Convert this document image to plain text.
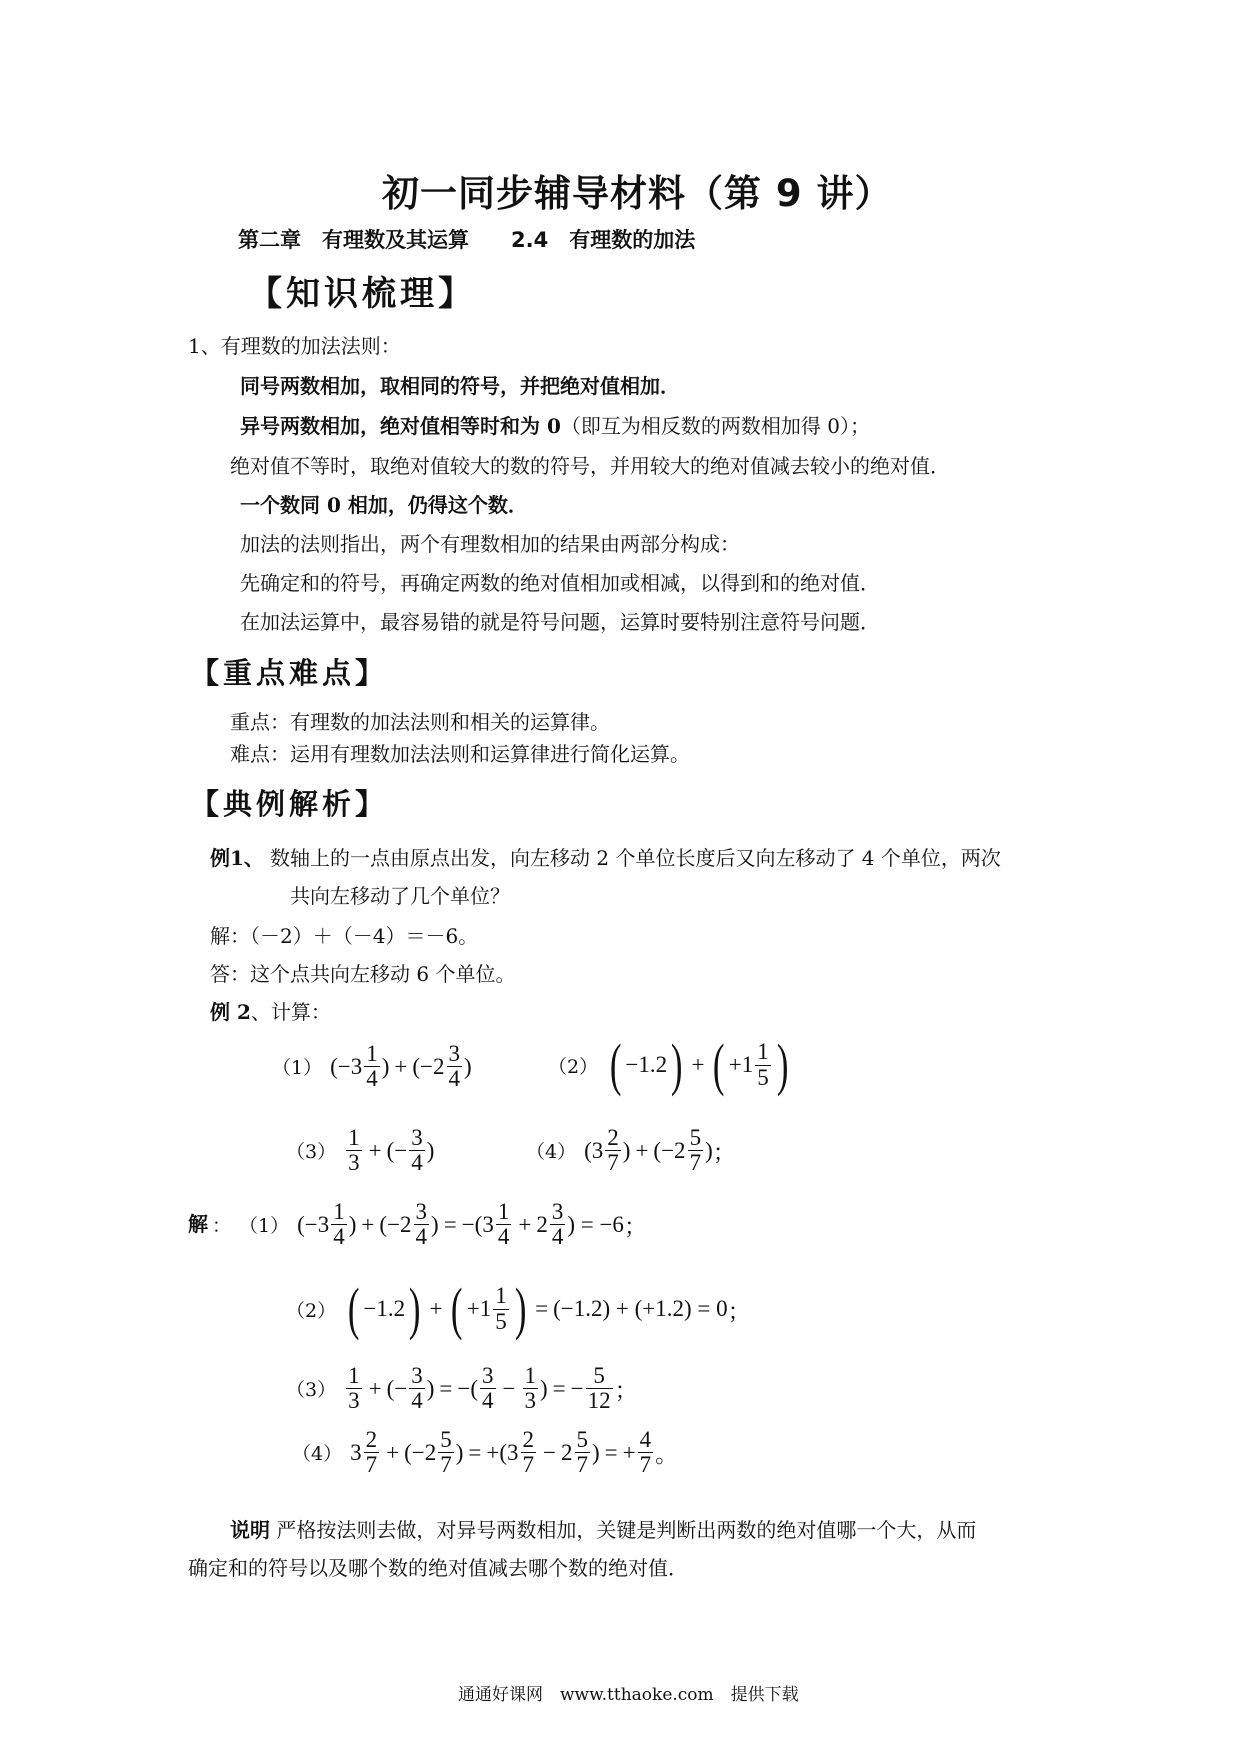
初一同步辅导材料（第 9 讲）
第二章　有理数及其运算　　2.4　有理数的加法
【知识梳理】
1、有理数的加法法则：
同号两数相加，取相同的符号，并把绝对值相加．
异号两数相加，绝对值相等时和为 0（即互为相反数的两数相加得 0）；
绝对值不等时，取绝对值较大的数的符号，并用较大的绝对值减去较小的绝对值．
一个数同 0 相加，仍得这个数．
加法的法则指出，两个有理数相加的结果由两部分构成：
先确定和的符号，再确定两数的绝对值相加或相减，以得到和的绝对值．
在加法运算中，最容易错的就是符号问题，运算时要特别注意符号问题．
【重点难点】
重点：有理数的加法法则和相关的运算律。
难点：运用有理数加法法则和运算律进行简化运算。
【典例解析】
例1、 数轴上的一点由原点出发，向左移动 2 个单位长度后又向左移动了 4 个单位，两次
共向左移动了几个单位？
解：（－2）＋（－4）＝－6。
答：这个点共向左移动 6 个单位。
例 2、计算：
（1） ($-3 \frac{1}{4}$ ) + ($-2 \frac{3}{4}$ )	（2） ( −1.2 ) + ( $+1 \frac{1}{5}$ )
$(3) \frac{1}{3}$ + (− $\frac{3}{4}$ )	（4） ($3 \frac{2}{7}$ ) + ($-2 \frac{5}{7}$ ) ；
解 ： （1） ($-3 \frac{1}{4}$ ) + ($-2 \frac{3}{4}$ ) = $-(3 \frac{1}{4} + 2 \frac{3}{4}$ ) = −6 ；
（2） ( −1.2 ) + ( $+1 \frac{1}{5}$ ) = (−1.2) + (+1.2) = 0 ；
$(3) \frac{1}{3}$ + (− $\frac{3}{4}$ ) = −( $\frac{3}{4} - \frac{1}{3}$ ) = − $\frac{5}{12}$ ；
（4） $3 \frac{2}{7} + (-2 \frac{5}{7}$ ) = $+(3 \frac{2}{7} - 2 \frac{5}{7}$ ) = + $\frac{4}{7}$ 。
说明 严格按法则去做，对异号两数相加，关键是判断出两数的绝对值哪一个大，从而
确定和的符号以及哪个数的绝对值减去哪个数的绝对值．
通通好课网　www.tthaoke.com　提供下载
